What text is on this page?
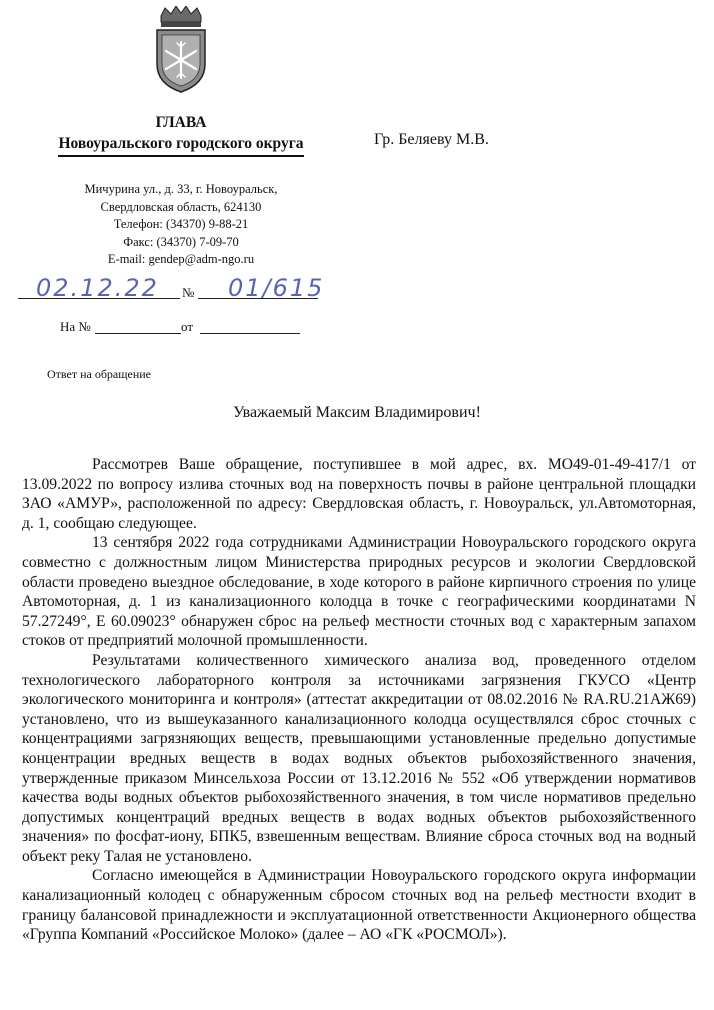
ГЛАВА
Новоуральского городского округа	Гр. Беляеву М.В.
Мичурина ул., д. 33, г. Новоуральск,
Свердловская область, 624130
Телефон: (34370) 9-88-21
Факс: (34370) 7-09-70
E-mail: gendep@adm-ngo.ru
02.12.22 № 01/615
На №	от
Ответ на обращение
Уважаемый Максим Владимирович!

Рассмотрев Ваше обращение, поступившее в мой адрес, вх. МО49-01-49-417/1 от 13.09.2022 по вопросу излива сточных вод на поверхность почвы в районе центральной площадки ЗАО «АМУР», расположенной по адресу: Свердловская область, г. Новоуральск, ул.Автомоторная, д. 1, сообщаю следующее.

13 сентября 2022 года сотрудниками Администрации Новоуральского городского округа совместно с должностным лицом Министерства природных ресурсов и экологии Свердловской области проведено выездное обследование, в ходе которого в районе кирпичного строения по улице Автомоторная, д. 1 из канализационного колодца в точке с географическими координатами N 57.27249°, E 60.09023° обнаружен сброс на рельеф местности сточных вод с характерным запахом стоков от предприятий молочной промышленности.

Результатами количественного химического анализа вод, проведенного отделом технологического лабораторного контроля за источниками загрязнения ГКУСО «Центр экологического мониторинга и контроля» (аттестат аккредитации от 08.02.2016 № RA.RU.21АЖ69) установлено, что из вышеуказанного канализационного колодца осуществлялся сброс сточных с концентрациями загрязняющих веществ, превышающими установленные предельно допустимые концентрации вредных веществ в водах водных объектов рыбохозяйственного значения, утвержденные приказом Минсельхоза России от 13.12.2016 № 552 «Об утверждении нормативов качества воды водных объектов рыбохозяйственного значения, в том числе нормативов предельно допустимых концентраций вредных веществ в водах водных объектов рыбохозяйственного значения» по фосфат-иону, БПК5, взвешенным веществам. Влияние сброса сточных вод на водный объект реку Талая не установлено.

Согласно имеющейся в Администрации Новоуральского городского округа информации канализационный колодец с обнаруженным сбросом сточных вод на рельеф местности входит в границу балансовой принадлежности и эксплуатационной ответственности Акционерного общества «Группа Компаний «Российское Молоко» (далее – АО «ГК «РОСМОЛ»).
